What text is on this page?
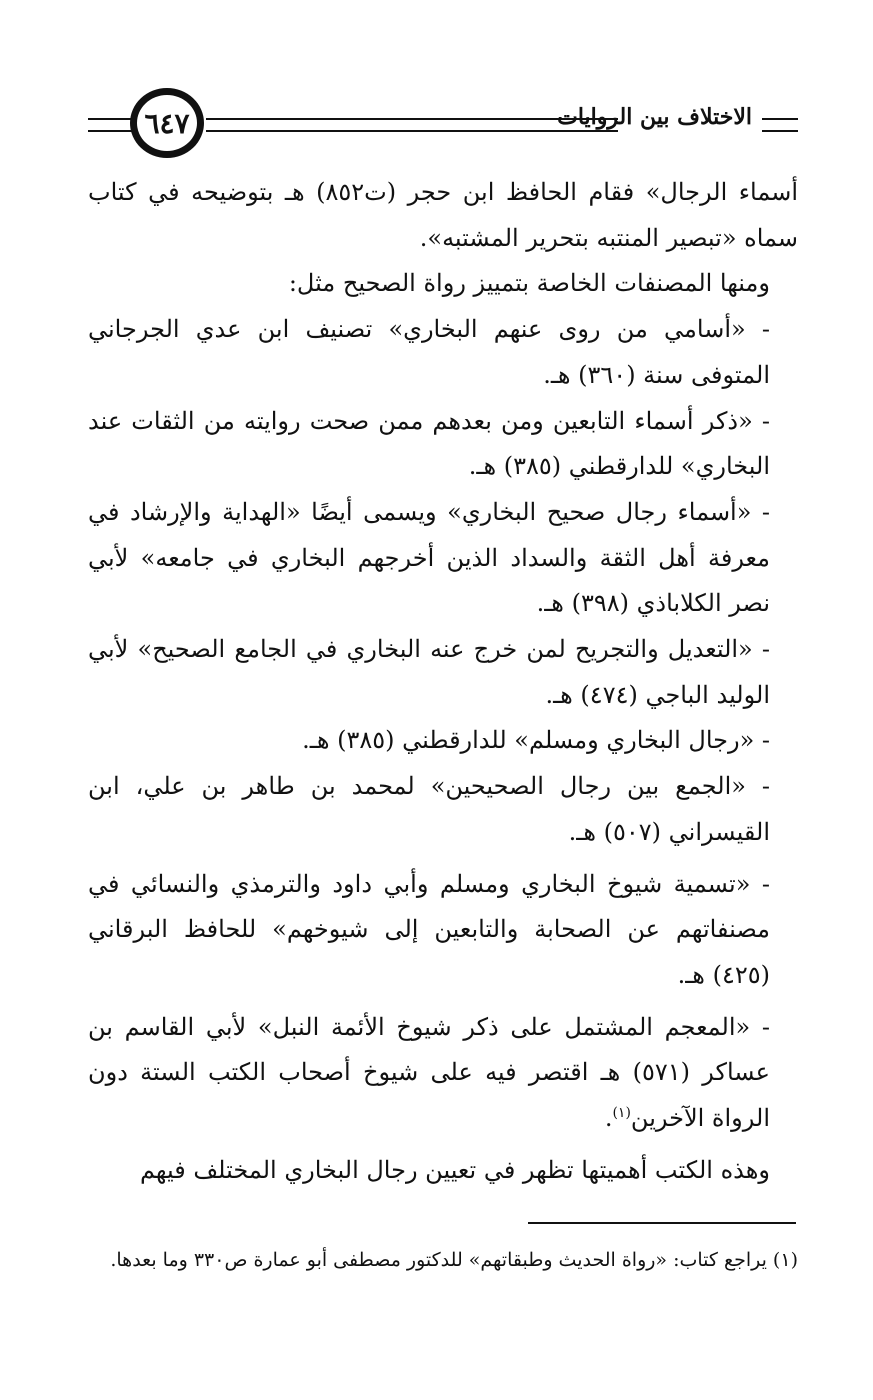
٦٤٧	الاختلاف بين الروايات

أسماء الرجال» فقام الحافظ ابن حجر (ت٨٥٢) هـ بتوضيحه في كتاب سماه «تبصير المنتبه بتحرير المشتبه».

ومنها المصنفات الخاصة بتمييز رواة الصحيح مثل:

- «أسامي من روى عنهم البخاري» تصنيف ابن عدي الجرجاني المتوفى سنة (٣٦٠) هـ.

- «ذكر أسماء التابعين ومن بعدهم ممن صحت روايته من الثقات عند البخاري» للدارقطني (٣٨٥) هـ.

- «أسماء رجال صحيح البخاري» ويسمى أيضًا «الهداية والإرشاد في معرفة أهل الثقة والسداد الذين أخرجهم البخاري في جامعه» لأبي نصر الكلاباذي (٣٩٨) هـ.

- «التعديل والتجريح لمن خرج عنه البخاري في الجامع الصحيح» لأبي الوليد الباجي (٤٧٤) هـ.

- «رجال البخاري ومسلم» للدارقطني (٣٨٥) هـ.

- «الجمع بين رجال الصحيحين» لمحمد بن طاهر بن علي، ابن القيسراني (٥٠٧) هـ.

- «تسمية شيوخ البخاري ومسلم وأبي داود والترمذي والنسائي في مصنفاتهم عن الصحابة والتابعين إلى شيوخهم» للحافظ البرقاني (٤٢٥) هـ.

- «المعجم المشتمل على ذكر شيوخ الأئمة النبل» لأبي القاسم بن عساكر (٥٧١) هـ اقتصر فيه على شيوخ أصحاب الكتب الستة دون الرواة الآخرين$^{(١)}$.

وهذه الكتب أهميتها تظهر في تعيين رجال البخاري المختلف فيهم

(١) يراجع كتاب: «رواة الحديث وطبقاتهم» للدكتور مصطفى أبو عمارة ص٣٣٠ وما بعدها.
